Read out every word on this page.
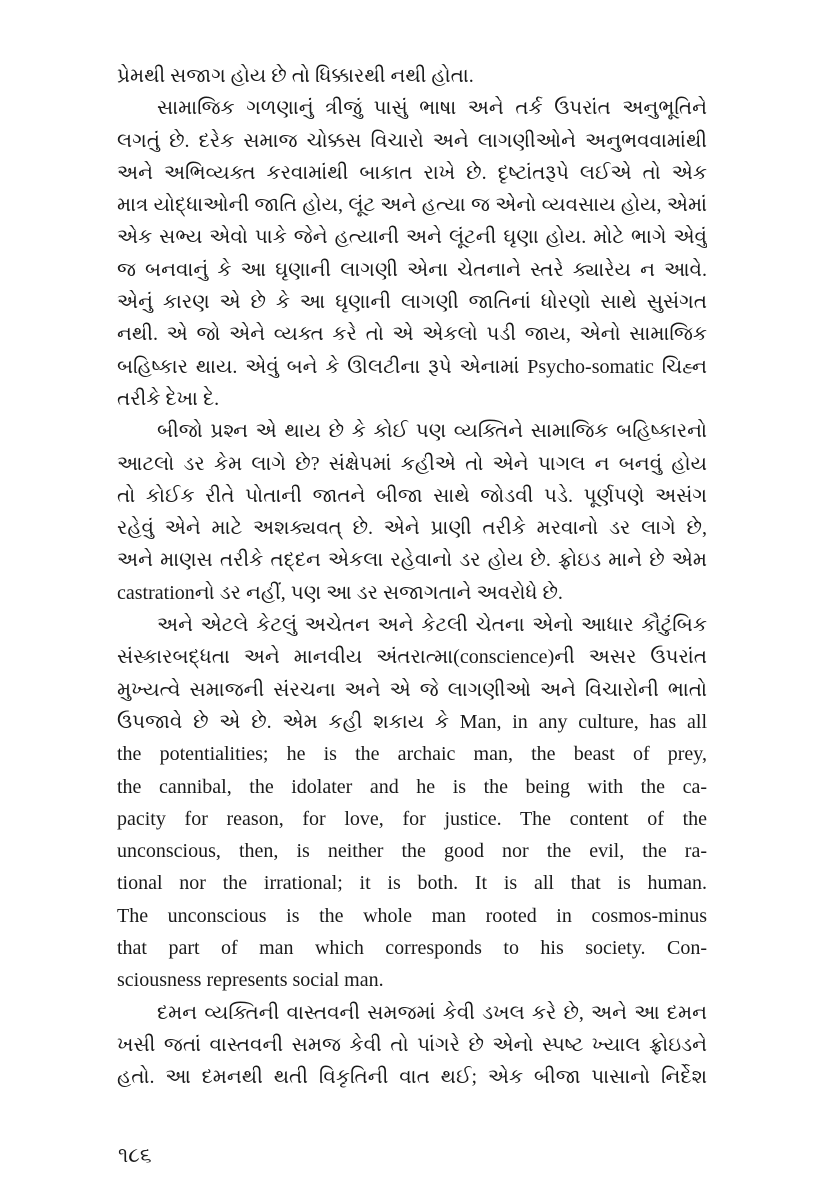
પ્રેમથી સજાગ હોય છે તો ધિક્કારથી નથી હોતા.
સામાજિક ગળણાનું ત્રીજું પાસું ભાષા અને તર્ક ઉપરાંત અનુભૂતિને
લગતું છે. દરેક સમાજ ચોક્કસ વિચારો અને લાગણીઓને અનુભવવામાંથી
અને અભિવ્યક્ત કરવામાંથી બાકાત રાખે છે. દૃષ્ટાંતરૂપે લઈએ તો એક
માત્ર યોદ્ધાઓની જાતિ હોય, લૂંટ અને હત્યા જ એનો વ્યવસાય હોય, એમાં
એક સભ્ય એવો પાકે જેને હત્યાની અને લૂંટની ઘૃણા હોય. મોટે ભાગે એવું
જ બનવાનું કે આ ઘૃણાની લાગણી એના ચેતનાને સ્તરે ક્યારેય ન આવે.
એનું કારણ એ છે કે આ ઘૃણાની લાગણી જાતિનાં ધોરણો સાથે સુસંગત
નથી. એ જો એને વ્યક્ત કરે તો એ એકલો પડી જાય, એનો સામાજિક
બહિષ્કાર થાય. એવું બને કે ઊલટીના રૂપે એનામાં Psycho-somatic ચિહ્ન
તરીકે દેખા દે.
બીજો પ્રશ્ન એ થાય છે કે કોઈ પણ વ્યક્તિને સામાજિક બહિષ્કારનો
આટલો ડર કેમ લાગે છે? સંક્ષેપમાં કહીએ તો એને પાગલ ન બનવું હોય
તો કોઈક રીતે પોતાની જાતને બીજા સાથે જોડવી પડે. પૂર્ણપણે અસંગ
રહેવું એને માટે અશક્યવત્ છે. એને પ્રાણી તરીકે મરવાનો ડર લાગે છે,
અને માણસ તરીકે તદ્દન એકલા રહેવાનો ડર હોય છે. ફ્રોઇડ માને છે એમ
castrationનો ડર નહીં, પણ આ ડર સજાગતાને અવરોધે છે.
અને એટલે કેટલું અચેતન અને કેટલી ચેતના એનો આધાર કૌટુંબિક
સંસ્કારબદ્ધતા અને માનવીય અંતરાત્મા(conscience)ની અસર ઉપરાંત
મુખ્યત્વે સમાજની સંરચના અને એ જે લાગણીઓ અને વિચારોની ભાતો
ઉપજાવે છે એ છે. એમ કહી શકાય કે Man, in any culture, has all
the potentialities; he is the archaic man, the beast of prey,
the cannibal, the idolater and he is the being with the ca-
pacity for reason, for love, for justice. The content of the
unconscious, then, is neither the good nor the evil, the ra-
tional nor the irrational; it is both. It is all that is human.
The unconscious is the whole man rooted in cosmos-minus
that part of man which corresponds to his society. Con-
sciousness represents social man.
દમન વ્યક્તિની વાસ્તવની સમજમાં કેવી ડખલ કરે છે, અને આ દમન
ખસી જતાં વાસ્તવની સમજ કેવી તો પાંગરે છે એનો સ્પષ્ટ ખ્યાલ ફ્રોઇડને
હતો. આ દમનથી થતી વિકૃતિની વાત થઈ; એક બીજા પાસાનો નિર્દેશ
૧૮૬
